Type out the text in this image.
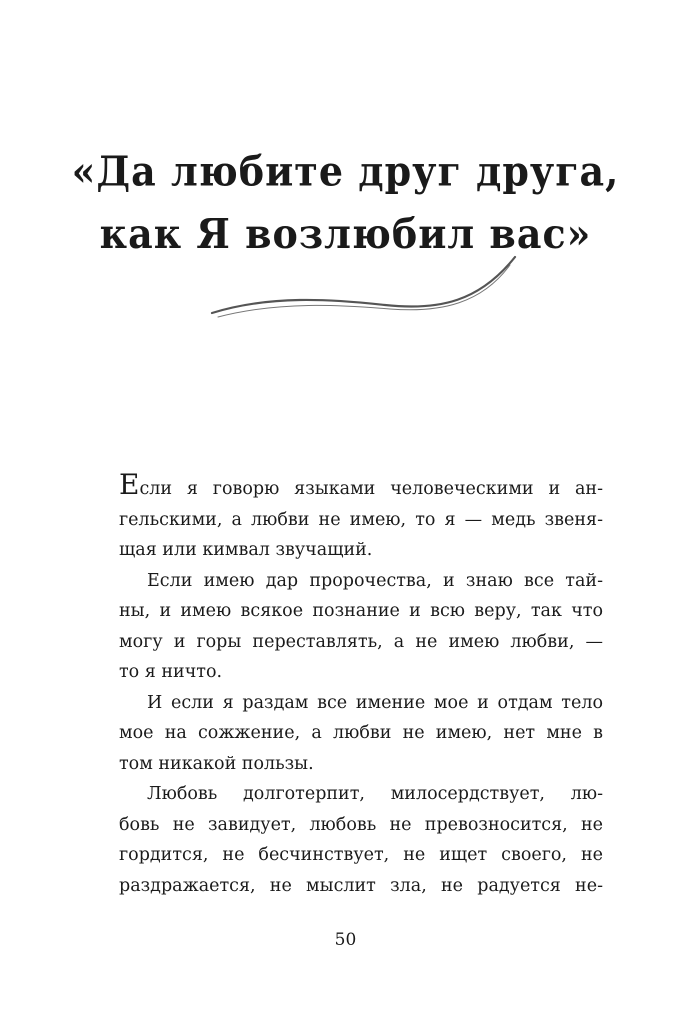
«Да любите друг друга,
как Я возлюбил вас»
Если я говорю языками человеческими и ан-
гельскими, а любви не имею, то я — медь звеня-
щая или кимвал звучащий.
Если имею дар пророчества, и знаю все тай-
ны, и имею всякое познание и всю веру, так что
могу и горы переставлять, а не имею любви, —
то я ничто.
И если я раздам все имение мое и отдам тело
мое на сожжение, а любви не имею, нет мне в
том никакой пользы.
Любовь долготерпит, милосердствует, лю-
бовь не завидует, любовь не превозносится, не
гордится, не бесчинствует, не ищет своего, не
раздражается, не мыслит зла, не радуется не-
50
